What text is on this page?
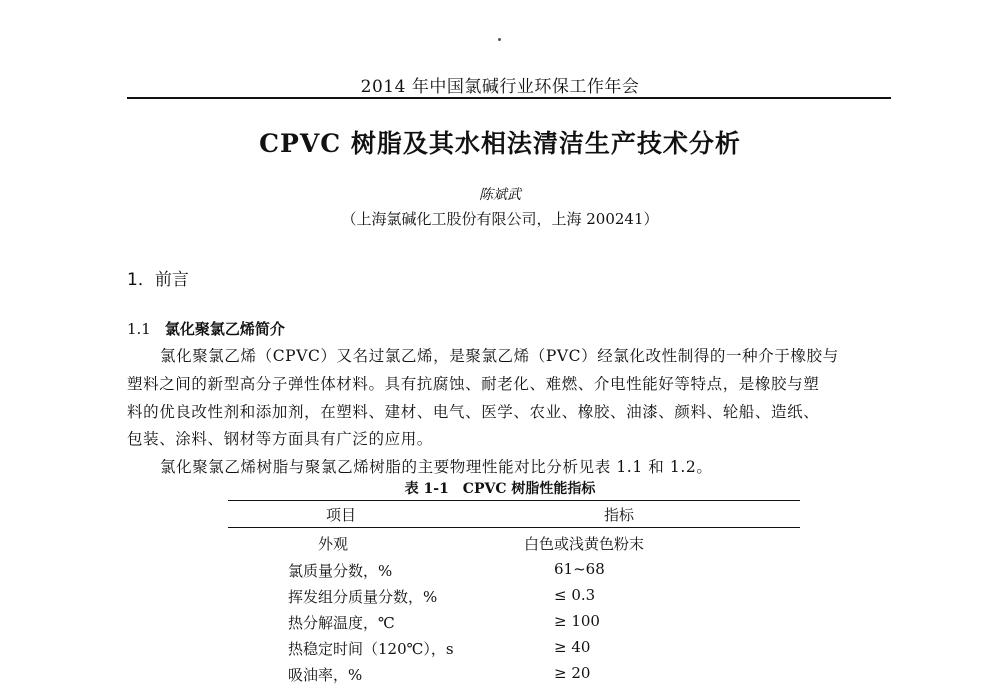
2014 年中国氯碱行业环保工作年会
CPVC 树脂及其水相法清洁生产技术分析
陈斌武
（上海氯碱化工股份有限公司，上海 200241）
1．前言
1.1 氯化聚氯乙烯简介
氯化聚氯乙烯（CPVC）又名过氯乙烯，是聚氯乙烯（PVC）经氯化改性制得的一种介于橡胶与
塑料之间的新型高分子弹性体材料。具有抗腐蚀、耐老化、难燃、介电性能好等特点，是橡胶与塑
料的优良改性剂和添加剂，在塑料、建材、电气、医学、农业、橡胶、油漆、颜料、轮船、造纸、
包装、涂料、钢材等方面具有广泛的应用。
氯化聚氯乙烯树脂与聚氯乙烯树脂的主要物理性能对比分析见表 1.1 和 1.2。
表 1-1　CPVC 树脂性能指标
项目	指标
外观	白色或浅黄色粉末
氯质量分数，%	61~68
挥发组分质量分数，%	≤ 0.3
热分解温度，℃	≥ 100
热稳定时间（120℃），s	≥ 40
吸油率，%	≥ 20
